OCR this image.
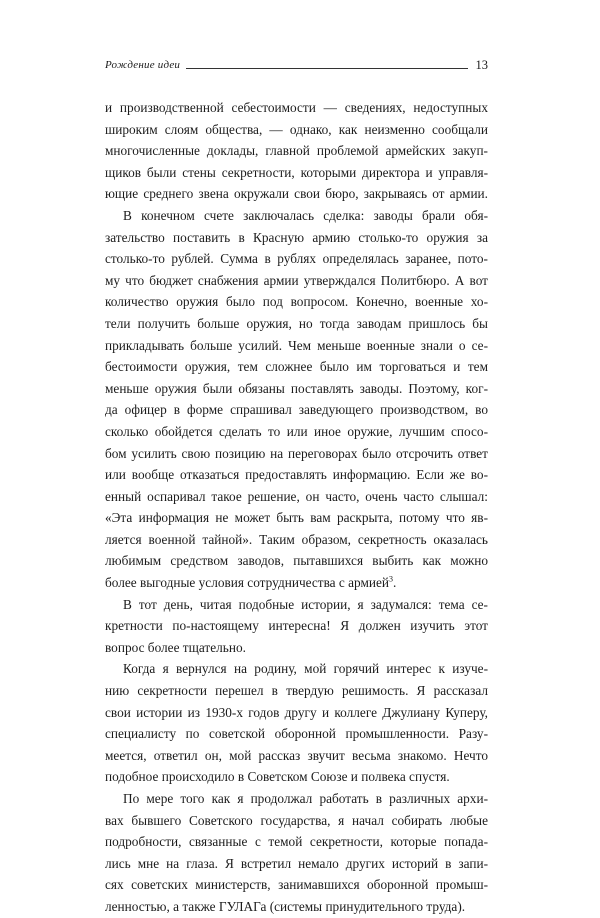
Рождение идеи	13
и производственной себестоимости — сведениях, недоступных
широким слоям общества, — однако, как неизменно сообщали
многочисленные доклады, главной проблемой армейских закуп-
щиков были стены секретности, которыми директора и управля-
ющие среднего звена окружали свои бюро, закрываясь от армии.
В конечном счете заключалась сделка: заводы брали обя-
зательство поставить в Красную армию столько-то оружия за
столько-то рублей. Сумма в рублях определялась заранее, пото-
му что бюджет снабжения армии утверждался Политбюро. А вот
количество оружия было под вопросом. Конечно, военные хо-
тели получить больше оружия, но тогда заводам пришлось бы
прикладывать больше усилий. Чем меньше военные знали о се-
бестоимости оружия, тем сложнее было им торговаться и тем
меньше оружия были обязаны поставлять заводы. Поэтому, ког-
да офицер в форме спрашивал заведующего производством, во
сколько обойдется сделать то или иное оружие, лучшим спосо-
бом усилить свою позицию на переговорах было отсрочить ответ
или вообще отказаться предоставлять информацию. Если же во-
енный оспаривал такое решение, он часто, очень часто слышал:
«Эта информация не может быть вам раскрыта, потому что яв-
ляется военной тайной». Таким образом, секретность оказалась
любимым средством заводов, пытавшихся выбить как можно
более выгодные условия сотрудничества с армией$^3$.
В тот день, читая подобные истории, я задумался: тема се-
кретности по-настоящему интересна! Я должен изучить этот
вопрос более тщательно.
Когда я вернулся на родину, мой горячий интерес к изуче-
нию секретности перешел в твердую решимость. Я рассказал
свои истории из 1930-х годов другу и коллеге Джулиану Куперу,
специалисту по советской оборонной промышленности. Разу-
меется, ответил он, мой рассказ звучит весьма знакомо. Нечто
подобное происходило в Советском Союзе и полвека спустя.
По мере того как я продолжал работать в различных архи-
вах бывшего Советского государства, я начал собирать любые
подробности, связанные с темой секретности, которые попада-
лись мне на глаза. Я встретил немало других историй в запи-
сях советских министерств, занимавшихся оборонной промыш-
ленностью, а также ГУЛАГа (системы принудительного труда).
